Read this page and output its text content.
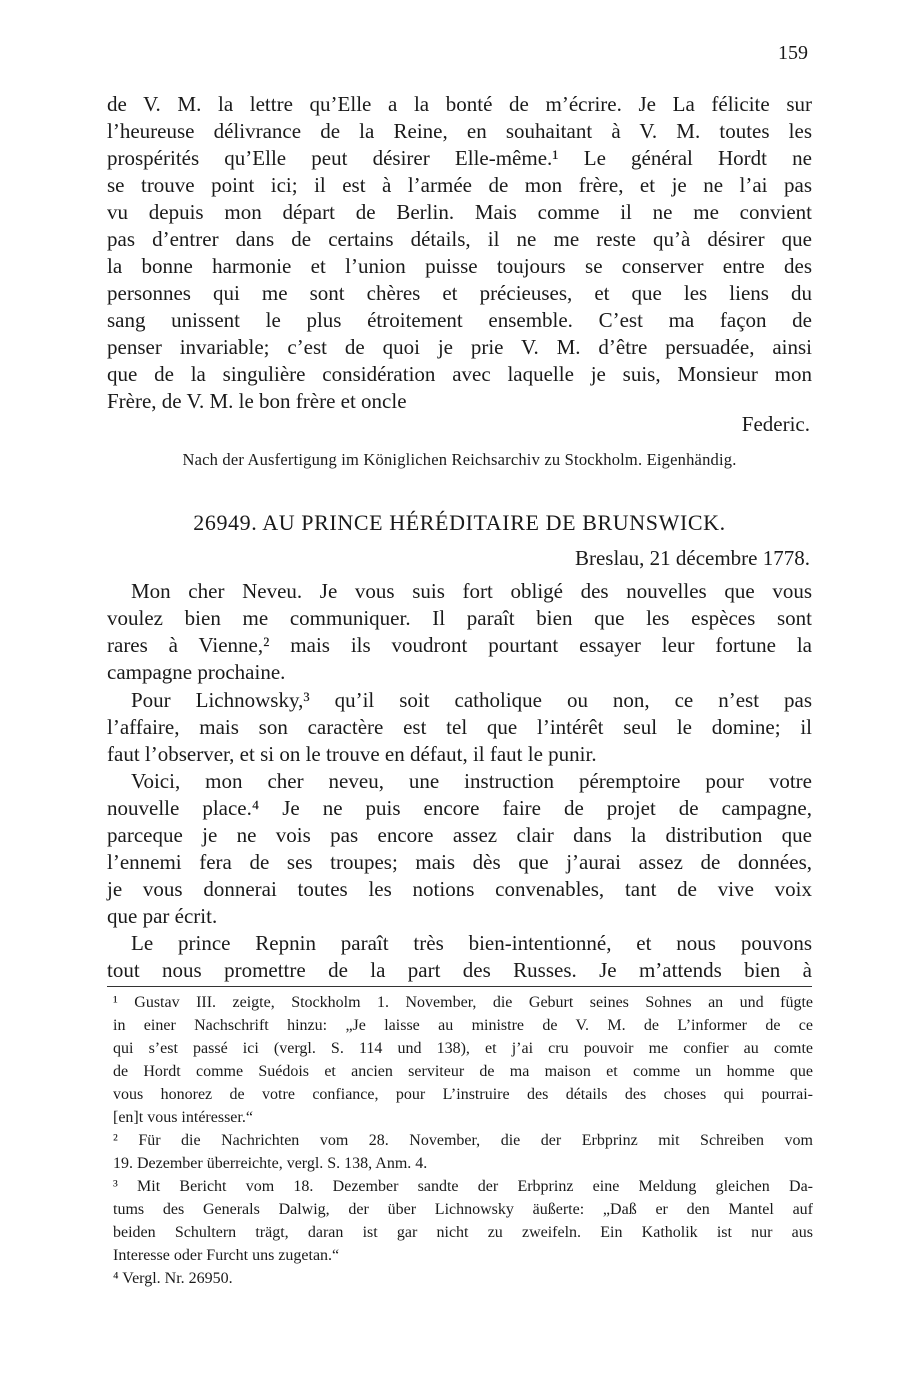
159
de V. M. la lettre qu’Elle a la bonté de m’écrire. Je La félicite sur
l’heureuse délivrance de la Reine, en souhaitant à V. M. toutes les
prospérités qu’Elle peut désirer Elle-même.¹ Le général Hordt ne
se trouve point ici; il est à l’armée de mon frère, et je ne l’ai pas
vu depuis mon départ de Berlin. Mais comme il ne me convient
pas d’entrer dans de certains détails, il ne me reste qu’à désirer que
la bonne harmonie et l’union puisse toujours se conserver entre des
personnes qui me sont chères et précieuses, et que les liens du
sang unissent le plus étroitement ensemble. C’est ma façon de
penser invariable; c’est de quoi je prie V. M. d’être persuadée, ainsi
que de la singulière considération avec laquelle je suis, Monsieur mon
Frère, de V. M. le bon frère et oncle
Federic.
Nach der Ausfertigung im Königlichen Reichsarchiv zu Stockholm. Eigenhändig.
26949. AU PRINCE HÉRÉDITAIRE DE BRUNSWICK.
Breslau, 21 décembre 1778.
Mon cher Neveu. Je vous suis fort obligé des nouvelles que vous
voulez bien me communiquer. Il paraît bien que les espèces sont
rares à Vienne,² mais ils voudront pourtant essayer leur fortune la
campagne prochaine.
Pour Lichnowsky,³ qu’il soit catholique ou non, ce n’est pas
l’affaire, mais son caractère est tel que l’intérêt seul le domine; il
faut l’observer, et si on le trouve en défaut, il faut le punir.
Voici, mon cher neveu, une instruction péremptoire pour votre
nouvelle place.⁴ Je ne puis encore faire de projet de campagne,
parceque je ne vois pas encore assez clair dans la distribution que
l’ennemi fera de ses troupes; mais dès que j’aurai assez de données,
je vous donnerai toutes les notions convenables, tant de vive voix
que par écrit.
Le prince Repnin paraît très bien-intentionné, et nous pouvons
tout nous promettre de la part des Russes. Je m’attends bien à
¹ Gustav III. zeigte, Stockholm 1. November, die Geburt seines Sohnes an und fügte
in einer Nachschrift hinzu: „Je laisse au ministre de V. M. de L’informer de ce
qui s’est passé ici (vergl. S. 114 und 138), et j’ai cru pouvoir me confier au comte
de Hordt comme Suédois et ancien serviteur de ma maison et comme un homme que
vous honorez de votre confiance, pour L’instruire des détails des choses qui pourrai-
[en]t vous intéresser.“
² Für die Nachrichten vom 28. November, die der Erbprinz mit Schreiben vom
19. Dezember überreichte, vergl. S. 138, Anm. 4.
³ Mit Bericht vom 18. Dezember sandte der Erbprinz eine Meldung gleichen Da-
tums des Generals Dalwig, der über Lichnowsky äußerte: „Daß er den Mantel auf
beiden Schultern trägt, daran ist gar nicht zu zweifeln. Ein Katholik ist nur aus
Interesse oder Furcht uns zugetan.“
⁴ Vergl. Nr. 26950.
